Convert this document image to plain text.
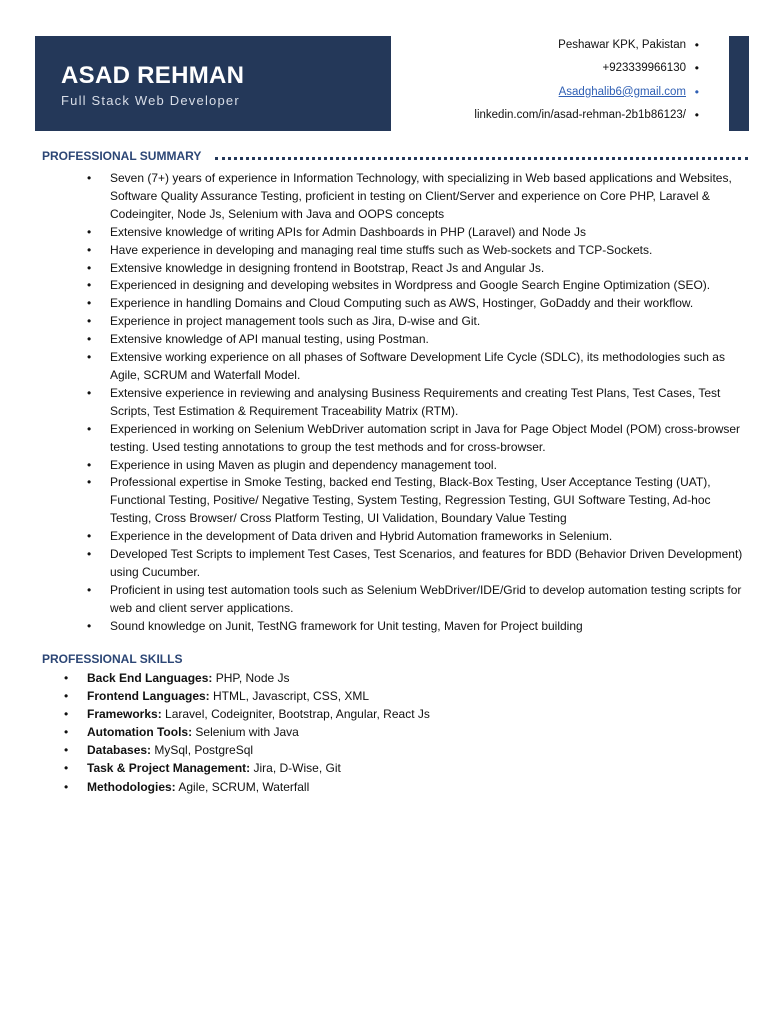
ASAD REHMAN
Full Stack Web Developer
Peshawar KPK, Pakistan •
+923339966130 •
Asadghalib6@gmail.com •
linkedin.com/in/asad-rehman-2b1b86123/ •
PROFESSIONAL SUMMARY
• Seven (7+) years of experience in Information Technology, with specializing in Web based applications and Websites, Software Quality Assurance Testing, proficient in testing on Client/Server and experience on Core PHP, Laravel & Codeingiter, Node Js, Selenium with Java and OOPS concepts
• Extensive knowledge of writing APIs for Admin Dashboards in PHP (Laravel) and Node Js
• Have experience in developing and managing real time stuffs such as Web-sockets and TCP-Sockets.
• Extensive knowledge in designing frontend in Bootstrap, React Js and Angular Js.
• Experienced in designing and developing websites in Wordpress and Google Search Engine Optimization (SEO).
• Experience in handling Domains and Cloud Computing such as AWS, Hostinger, GoDaddy and their workflow.
• Experience in project management tools such as Jira, D-wise and Git.
• Extensive knowledge of API manual testing, using Postman.
• Extensive working experience on all phases of Software Development Life Cycle (SDLC), its methodologies such as Agile, SCRUM and Waterfall Model.
• Extensive experience in reviewing and analysing Business Requirements and creating Test Plans, Test Cases, Test Scripts, Test Estimation & Requirement Traceability Matrix (RTM).
• Experienced in working on Selenium WebDriver automation script in Java for Page Object Model (POM) cross-browser testing. Used testing annotations to group the test methods and for cross-browser.
• Experience in using Maven as plugin and dependency management tool.
• Professional expertise in Smoke Testing, backed end Testing, Black-Box Testing, User Acceptance Testing (UAT), Functional Testing, Positive/ Negative Testing, System Testing, Regression Testing, GUI Software Testing, Ad-hoc Testing, Cross Browser/ Cross Platform Testing, UI Validation, Boundary Value Testing
• Experience in the development of Data driven and Hybrid Automation frameworks in Selenium.
• Developed Test Scripts to implement Test Cases, Test Scenarios, and features for BDD (Behavior Driven Development) using Cucumber.
• Proficient in using test automation tools such as Selenium WebDriver/IDE/Grid to develop automation testing scripts for web and client server applications.
• Sound knowledge on Junit, TestNG framework for Unit testing, Maven for Project building
PROFESSIONAL SKILLS
• Back End Languages: PHP, Node Js
• Frontend Languages: HTML, Javascript, CSS, XML
• Frameworks: Laravel, Codeigniter, Bootstrap, Angular, React Js
• Automation Tools: Selenium with Java
• Databases: MySql, PostgreSql
• Task & Project Management: Jira, D-Wise, Git
• Methodologies: Agile, SCRUM, Waterfall
